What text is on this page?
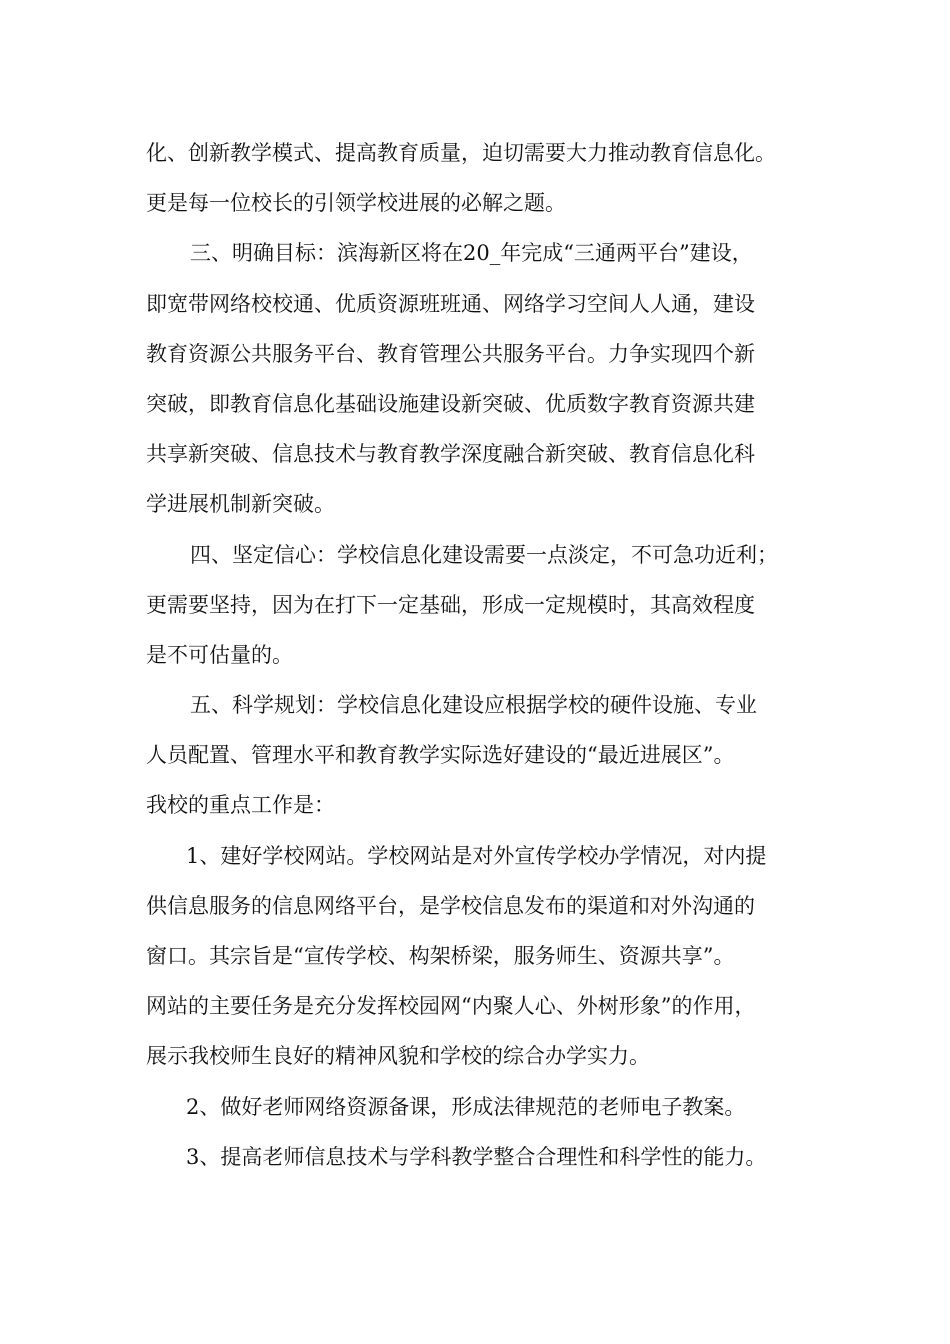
化、创新教学模式、提高教育质量，迫切需要大力推动教育信息化。
更是每一位校长的引领学校进展的必解之题。
三、明确目标：滨海新区将在20_年完成“三通两平台”建设，
即宽带网络校校通、优质资源班班通、网络学习空间人人通，建设
教育资源公共服务平台、教育管理公共服务平台。力争实现四个新
突破，即教育信息化基础设施建设新突破、优质数字教育资源共建
共享新突破、信息技术与教育教学深度融合新突破、教育信息化科
学进展机制新突破。
四、坚定信心：学校信息化建设需要一点淡定，不可急功近利；
更需要坚持，因为在打下一定基础，形成一定规模时，其高效程度
是不可估量的。
五、科学规划：学校信息化建设应根据学校的硬件设施、专业
人员配置、管理水平和教育教学实际选好建设的“最近进展区”。
我校的重点工作是：
1、建好学校网站。学校网站是对外宣传学校办学情况，对内提
供信息服务的信息网络平台，是学校信息发布的渠道和对外沟通的
窗口。其宗旨是“宣传学校、构架桥梁，服务师生、资源共享”。
网站的主要任务是充分发挥校园网“内聚人心、外树形象”的作用，
展示我校师生良好的精神风貌和学校的综合办学实力。
2、做好老师网络资源备课，形成法律规范的老师电子教案。
3、提高老师信息技术与学科教学整合合理性和科学性的能力。
